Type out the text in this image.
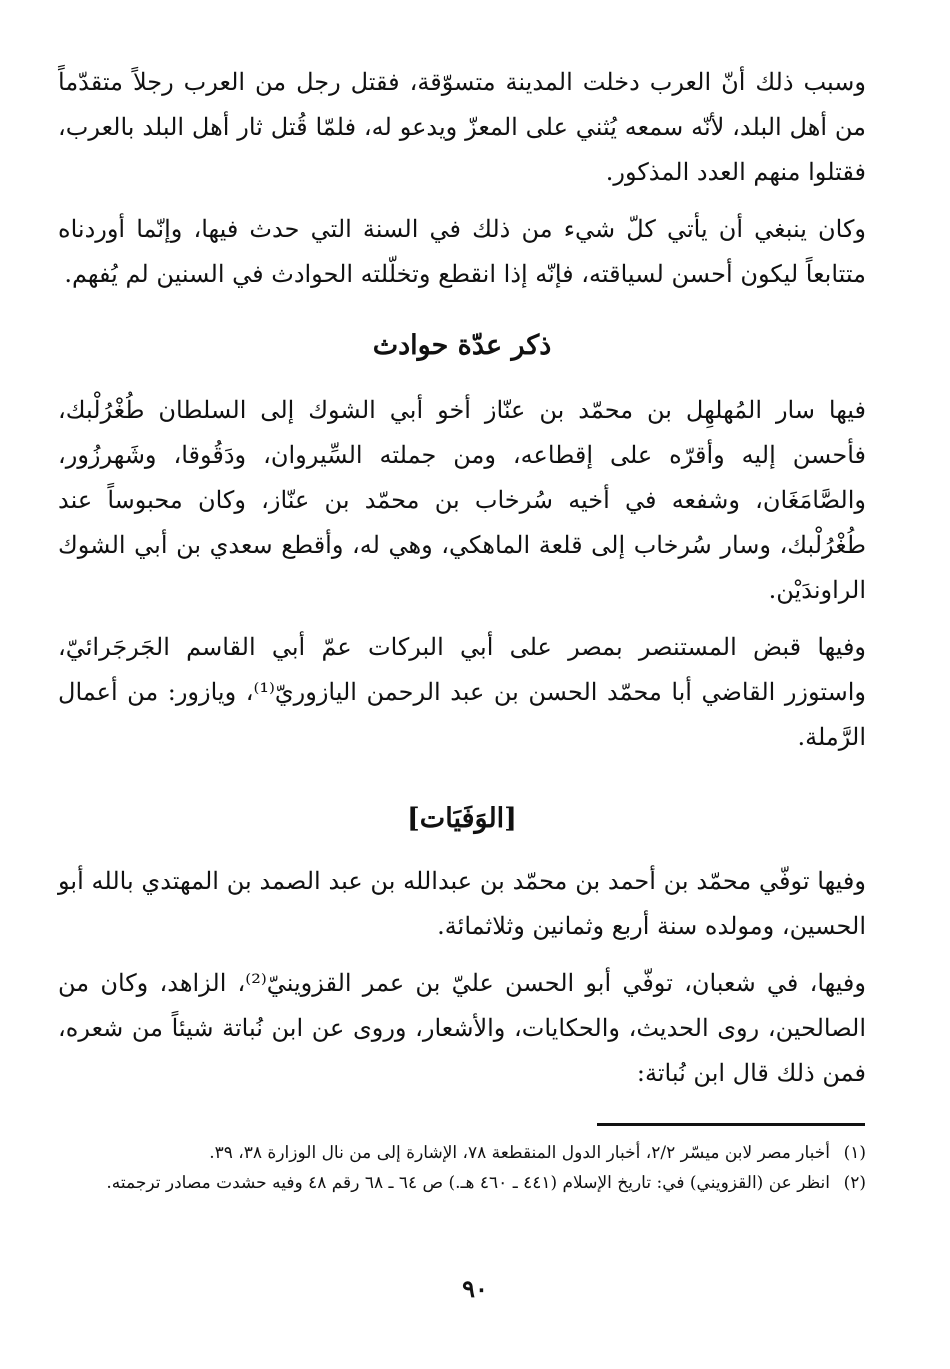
وسبب ذلك أنّ العرب دخلت المدينة متسوّقة، فقتل رجل من العرب رجلاً متقدّماً من أهل البلد، لأنّه سمعه يُثني على المعزّ ويدعو له، فلمّا قُتل ثار أهل البلد بالعرب، فقتلوا منهم العدد المذكور.

وكان ينبغي أن يأتي كلّ شيء من ذلك في السنة التي حدث فيها، وإنّما أوردناه متتابعاً ليكون أحسن لسياقته، فإنّه إذا انقطع وتخلّلته الحوادث في السنين لم يُفهم.

ذكر عدّة حوادث

فيها سار المُهلهِل بن محمّد بن عنّاز أخو أبي الشوك إلى السلطان طُغْرُلْبك، فأحسن إليه وأقرّه على إقطاعه، ومن جملته السِّيروان، ودَقُوقا، وشَهرزُور، والصَّامَغَان، وشفعه في أخيه سُرخاب بن محمّد بن عنّاز، وكان محبوساً عند طُغْرُلْبك، وسار سُرخاب إلى قلعة الماهكي، وهي له، وأقطع سعدي بن أبي الشوك الراوندَيْن.

وفيها قبض المستنصر بمصر على أبي البركات عمّ أبي القاسم الجَرجَرائيّ، واستوزر القاضي أبا محمّد الحسن بن عبد الرحمن اليازوريّ⁽¹⁾، ويازور: من أعمال الرَّملة.

[الوَفَيَات]

وفيها توفّي محمّد بن أحمد بن محمّد بن عبدالله بن عبد الصمد بن المهتدي بالله أبو الحسين، ومولده سنة أربع وثمانين وثلاثمائة.

وفيها، في شعبان، توفّي أبو الحسن عليّ بن عمر القزوينيّ⁽²⁾، الزاهد، وكان من الصالحين، روى الحديث، والحكايات، والأشعار، وروى عن ابن نُباتة شيئاً من شعره، فمن ذلك قال ابن نُباتة:

(١)
أخبار مصر لابن ميسّر ٢/٢، أخبار الدول المنقطعة ٧٨، الإشارة إلى من نال الوزارة ٣٨، ٣٩.
(٢)
انظر عن (القزويني) في: تاريخ الإسلام (٤٤١ ـ ٤٦٠ هـ.) ص ٦٤ ـ ٦٨ رقم ٤٨ وفيه حشدت مصادر ترجمته.
٩٠
